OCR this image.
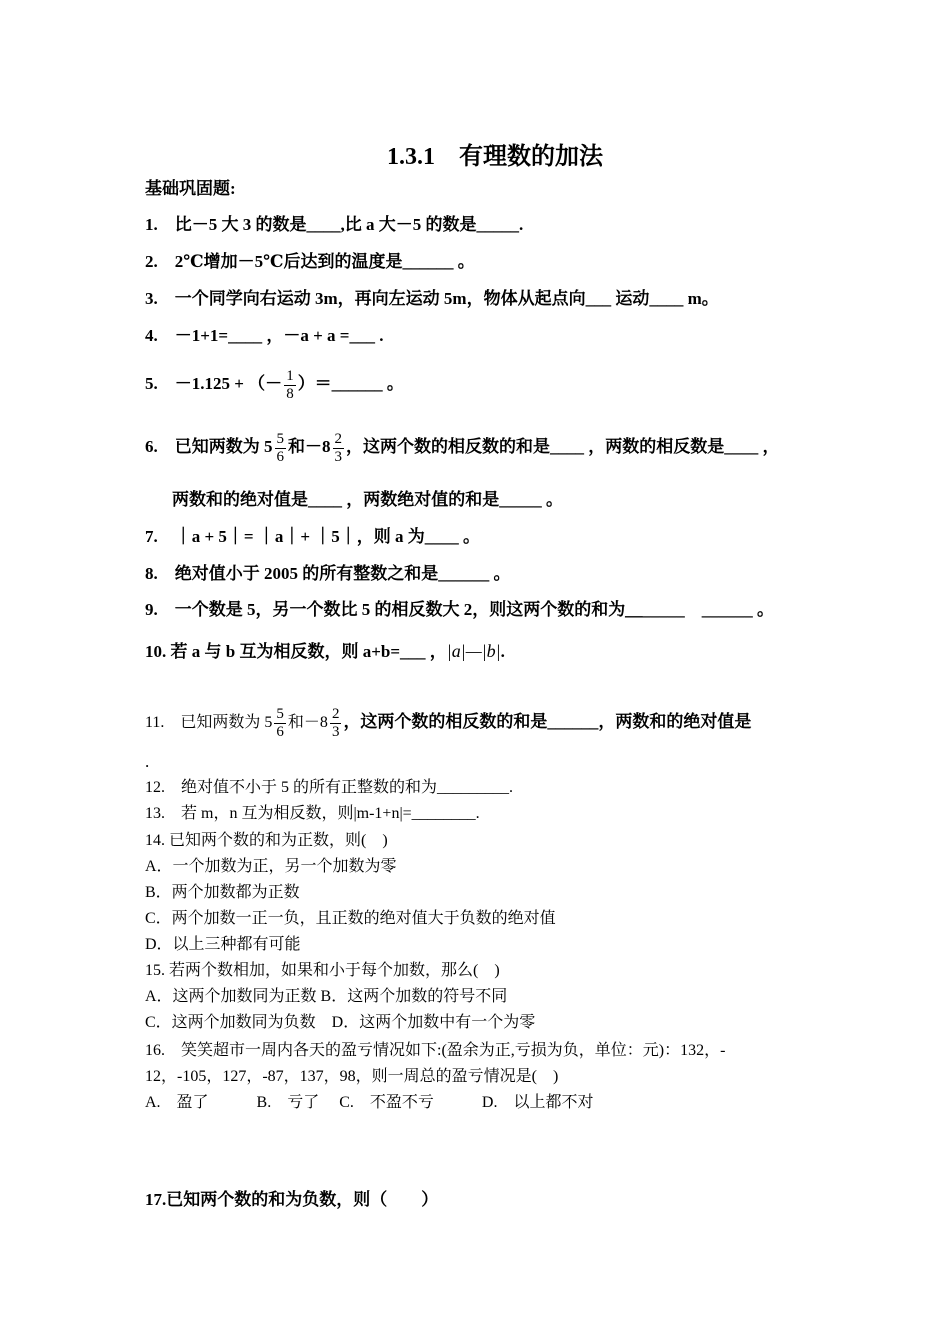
1.3.1　有理数的加法
基础巩固题:
1.　比－5 大 3 的数是____,比 a 大－5 的数是_____.
2.　2℃增加－5℃后达到的温度是______ 。
3.　一个同学向右运动 3m，再向左运动 5m，物体从起点向___ 运动____ m。
4.　－1+1=____ ，－a + a =___ .
5.　－1.125 + （－ $\frac{1}{8}$ ）＝______ 。
6.　已知两数为 $5 \frac{5}{6}$ 和$-8 \frac{2}{3}$ ，这两个数的相反数的和是____ ，两数的相反数是____ ，
两数和的绝对值是____ ，两数绝对值的和是_____ 。
7.　｜a + 5｜= ｜a｜+ ｜5｜，则 a 为____ 。
8.　绝对值小于 2005 的所有整数之和是______ 。
9.　一个数是 5，另一个数比 5 的相反数大 2，则这两个数的和为＿_____　______ 。
10. 若 a 与 b 互为相反数，则 a+b=___ ，|a|—|b|.
11.　已知两数为 $5 \frac{5}{6}$ 和$-8 \frac{2}{3}$ ，这两个数的相反数的和是______，两数和的绝对值是
.
12.　绝对值不小于 5 的所有正整数的和为_________.
13.　若 m，n 互为相反数，则|m-1+n|=________.
14. 已知两个数的和为正数，则(　)
A．一个加数为正，另一个加数为零
B．两个加数都为正数
C．两个加数一正一负，且正数的绝对值大于负数的绝对值
D．以上三种都有可能
15. 若两个数相加，如果和小于每个加数，那么(　)
A．这两个加数同为正数 B．这两个加数的符号不同
C．这两个加数同为负数　D．这两个加数中有一个为零
16.　笑笑超市一周内各天的盈亏情况如下:(盈余为正,亏损为负，单位：元)：132，-
12，-105，127，-87，137，98，则一周总的盈亏情况是(　)
A.　盈了　　　B.　亏了　 C.　不盈不亏　　　D.　以上都不对
17.已知两个数的和为负数，则（　　）
